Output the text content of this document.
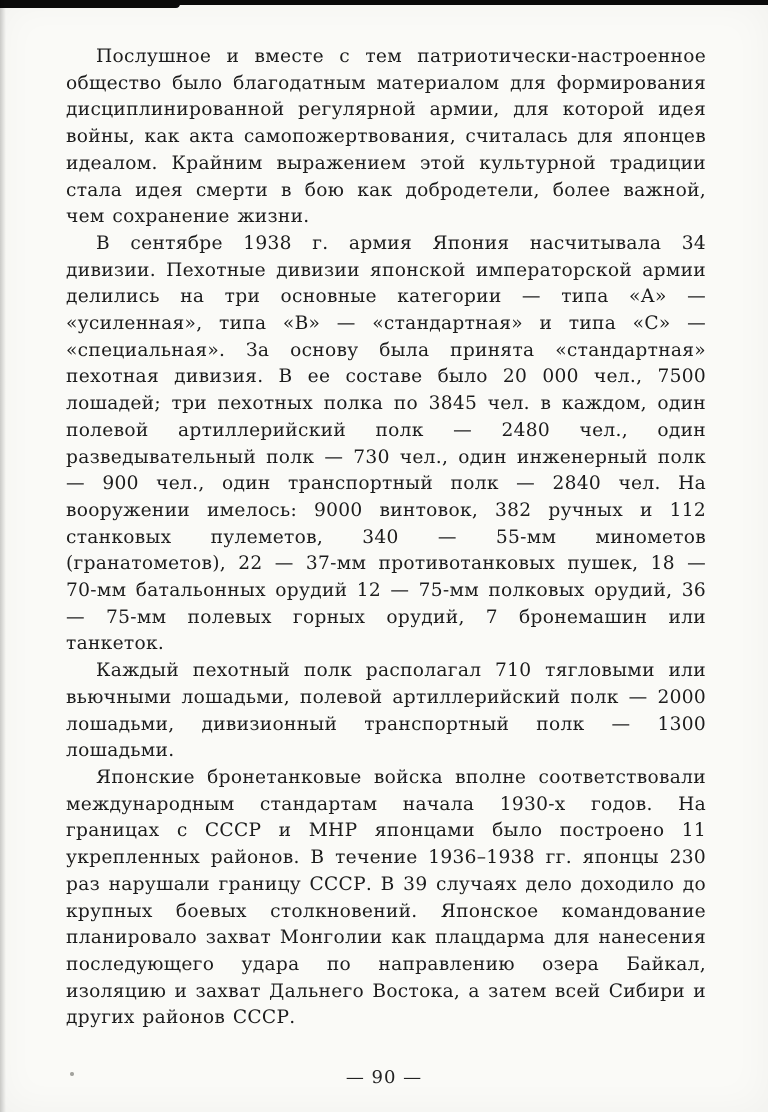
Послушное и вместе с тем патриотически-настроенное общество было благодатным материалом для формирования дисциплинированной регулярной армии, для которой идея войны, как акта самопожертвования, считалась для японцев идеалом. Крайним выражением этой культурной традиции стала идея смерти в бою как добродетели, более важной, чем сохранение жизни.

В сентябре 1938 г. армия Япония насчитывала 34 дивизии. Пехотные дивизии японской императорской армии делились на три основные категории — типа «А» — «усиленная», типа «В» — «стандартная» и типа «С» — «специальная». За основу была принята «стандартная» пехотная дивизия. В ее составе было 20 000 чел., 7500 лошадей; три пехотных полка по 3845 чел. в каждом, один полевой артиллерийский полк — 2480 чел., один разведывательный полк — 730 чел., один инженерный полк — 900 чел., один транспортный полк — 2840 чел. На вооружении имелось: 9000 винтовок, 382 ручных и 112 станковых пулеметов, 340 — 55-мм минометов (гранатометов), 22 — 37-мм противотанковых пушек, 18 — 70-мм батальонных орудий 12 — 75-мм полковых орудий, 36 — 75-мм полевых горных орудий, 7 бронемашин или танкеток.

Каждый пехотный полк располагал 710 тягловыми или вьючными лошадьми, полевой артиллерийский полк — 2000 лошадьми, дивизионный транспортный полк — 1300 лошадьми.

Японские бронетанковые войска вполне соответствовали международным стандартам начала 1930-х годов. На границах с СССР и МНР японцами было построено 11 укрепленных районов. В течение 1936–1938 гг. японцы 230 раз нарушали границу СССР. В 39 случаях дело доходило до крупных боевых столкновений. Японское командование планировало захват Монголии как плацдарма для нанесения последующего удара по направлению озера Байкал, изоляцию и захват Дальнего Востока, а затем всей Сибири и других районов СССР.

— 90 —
